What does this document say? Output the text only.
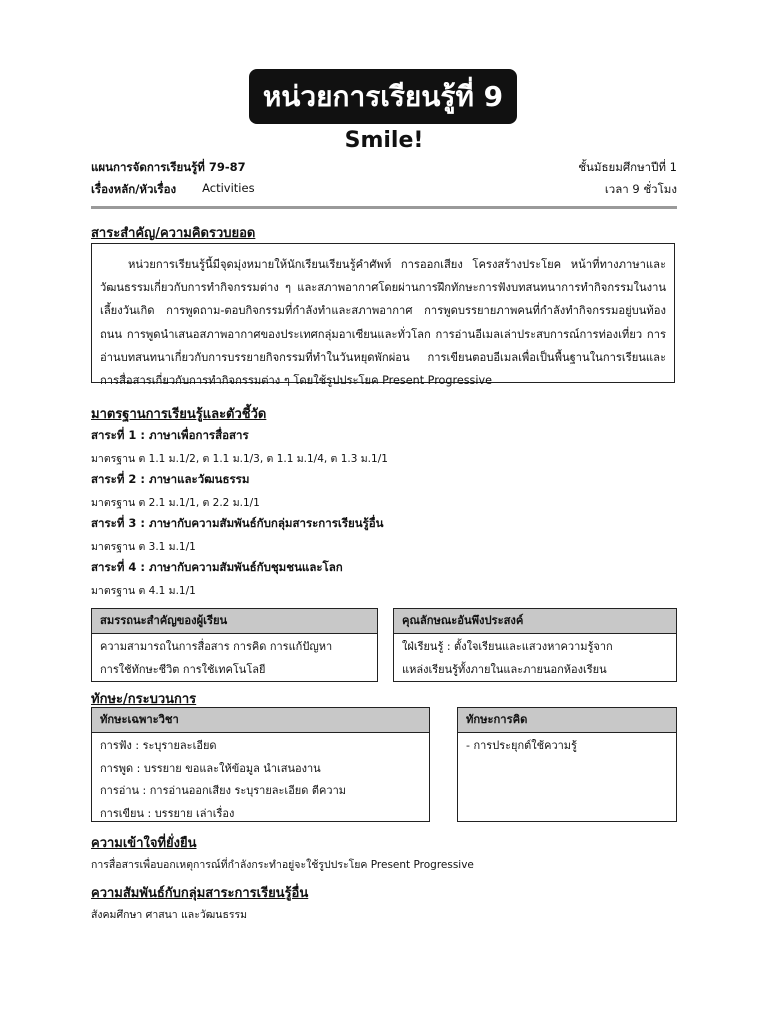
หน่วยการเรียนรู้ที่ 9
Smile!
แผนการจัดการเรียนรู้ที่ 79-87	ชั้นมัธยมศึกษาปีที่ 1
เรื่องหลัก/หัวเรื่อง Activities	เวลา 9 ชั่วโมง
สาระสำคัญ/ความคิดรวบยอด

หน่วยการเรียนรู้นี้มีจุดมุ่งหมายให้นักเรียนเรียนรู้คำศัพท์ การออกเสียง โครงสร้างประโยค หน้าที่ทางภาษาและวัฒนธรรมเกี่ยวกับการทำกิจกรรมต่าง ๆ และสภาพอากาศโดยผ่านการฝึกทักษะการฟังบทสนทนาการทำกิจกรรมในงานเลี้ยงวันเกิด การพูดถาม-ตอบกิจกรรมที่กำลังทำและสภาพอากาศ การพูดบรรยายภาพคนที่กำลังทำกิจกรรมอยู่บนท้องถนน การพูดนำเสนอสภาพอากาศของประเทศกลุ่มอาเซียนและทั่วโลก การอ่านอีเมลเล่าประสบการณ์การท่องเที่ยว การอ่านบทสนทนาเกี่ยวกับการบรรยายกิจกรรมที่ทำในวันหยุดพักผ่อน การเขียนตอบอีเมลเพื่อเป็นพื้นฐานในการเรียนและการสื่อสารเกี่ยวกับการทำกิจกรรมต่าง ๆ โดยใช้รูปประโยค Present Progressive

มาตรฐานการเรียนรู้และตัวชี้วัด
สาระที่ 1 : ภาษาเพื่อการสื่อสาร
มาตรฐาน ต 1.1 ม.1/2, ต 1.1 ม.1/3, ต 1.1 ม.1/4, ต 1.3 ม.1/1
สาระที่ 2 : ภาษาและวัฒนธรรม
มาตรฐาน ต 2.1 ม.1/1, ต 2.2 ม.1/1
สาระที่ 3 : ภาษากับความสัมพันธ์กับกลุ่มสาระการเรียนรู้อื่น
มาตรฐาน ต 3.1 ม.1/1
สาระที่ 4 : ภาษากับความสัมพันธ์กับชุมชนและโลก
มาตรฐาน ต 4.1 ม.1/1
สมรรถนะสำคัญของผู้เรียน
ความสามารถในการสื่อสาร การคิด การแก้ปัญหา
การใช้ทักษะชีวิต การใช้เทคโนโลยี
คุณลักษณะอันพึงประสงค์
ใฝ่เรียนรู้ : ตั้งใจเรียนและแสวงหาความรู้จาก
แหล่งเรียนรู้ทั้งภายในและภายนอกห้องเรียน
ทักษะ/กระบวนการ
ทักษะเฉพาะวิชา
การฟัง : ระบุรายละเอียด
การพูด : บรรยาย ขอและให้ข้อมูล นำเสนองาน
การอ่าน : การอ่านออกเสียง ระบุรายละเอียด ตีความ
การเขียน : บรรยาย เล่าเรื่อง
ทักษะการคิด
- การประยุกต์ใช้ความรู้
ความเข้าใจที่ยั่งยืน
การสื่อสารเพื่อบอกเหตุการณ์ที่กำลังกระทำอยู่จะใช้รูปประโยค Present Progressive
ความสัมพันธ์กับกลุ่มสาระการเรียนรู้อื่น
สังคมศึกษา ศาสนา และวัฒนธรรม
